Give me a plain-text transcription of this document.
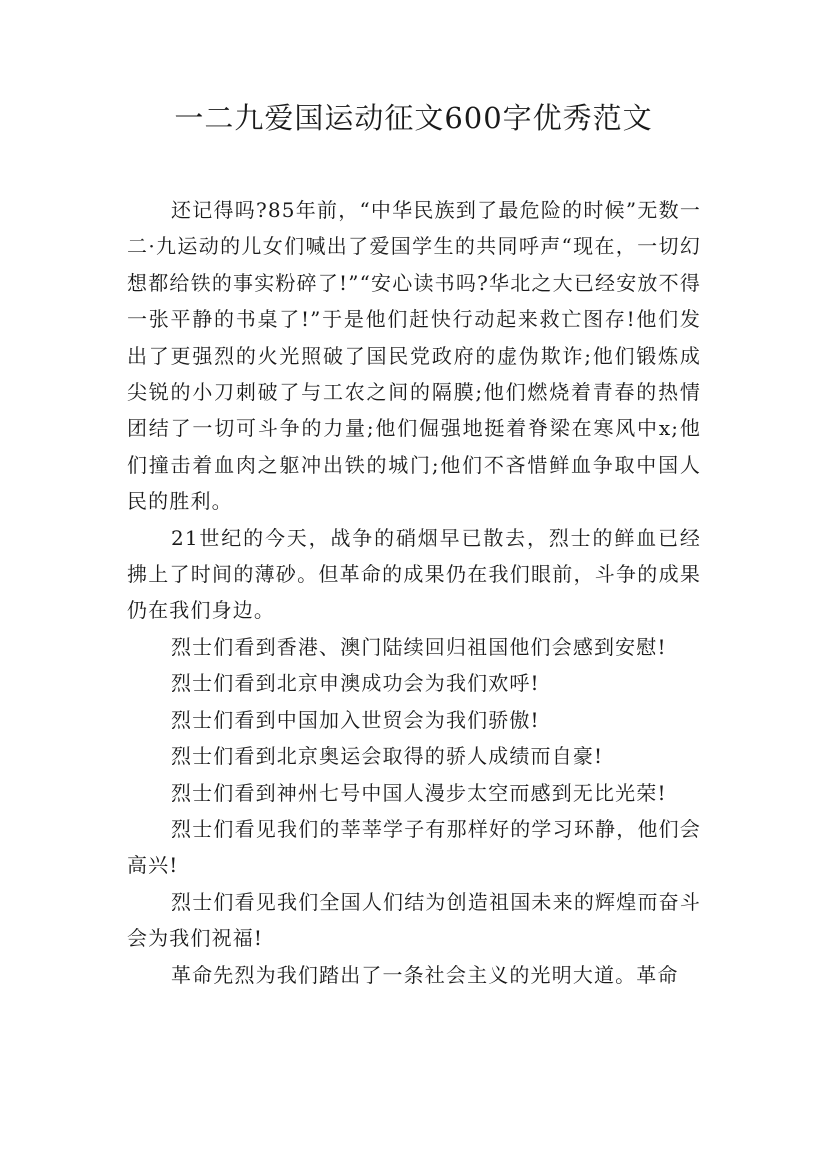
一二九爱国运动征文600字优秀范文

还记得吗?85年前，“中华民族到了最危险的时候”无数一二·九运动的儿女们喊出了爱国学生的共同呼声“现在，一切幻想都给铁的事实粉碎了!”“安心读书吗?华北之大已经安放不得一张平静的书桌了!”于是他们赶快行动起来救亡图存!他们发出了更强烈的火光照破了国民党政府的虚伪欺诈;他们锻炼成尖锐的小刀刺破了与工农之间的隔膜;他们燃烧着青春的热情团结了一切可斗争的力量;他们倔强地挺着脊梁在寒风中x;他们撞击着血肉之躯冲出铁的城门;他们不吝惜鲜血争取中国人民的胜利。

21世纪的今天，战争的硝烟早已散去，烈士的鲜血已经拂上了时间的薄砂。但革命的成果仍在我们眼前，斗争的成果仍在我们身边。

烈士们看到香港、澳门陆续回归祖国他们会感到安慰!

烈士们看到北京申澳成功会为我们欢呼!

烈士们看到中国加入世贸会为我们骄傲!

烈士们看到北京奥运会取得的骄人成绩而自豪!

烈士们看到神州七号中国人漫步太空而感到无比光荣!

烈士们看见我们的莘莘学子有那样好的学习环静，他们会高兴!

烈士们看见我们全国人们结为创造祖国未来的辉煌而奋斗会为我们祝福!

革命先烈为我们踏出了一条社会主义的光明大道。革命
